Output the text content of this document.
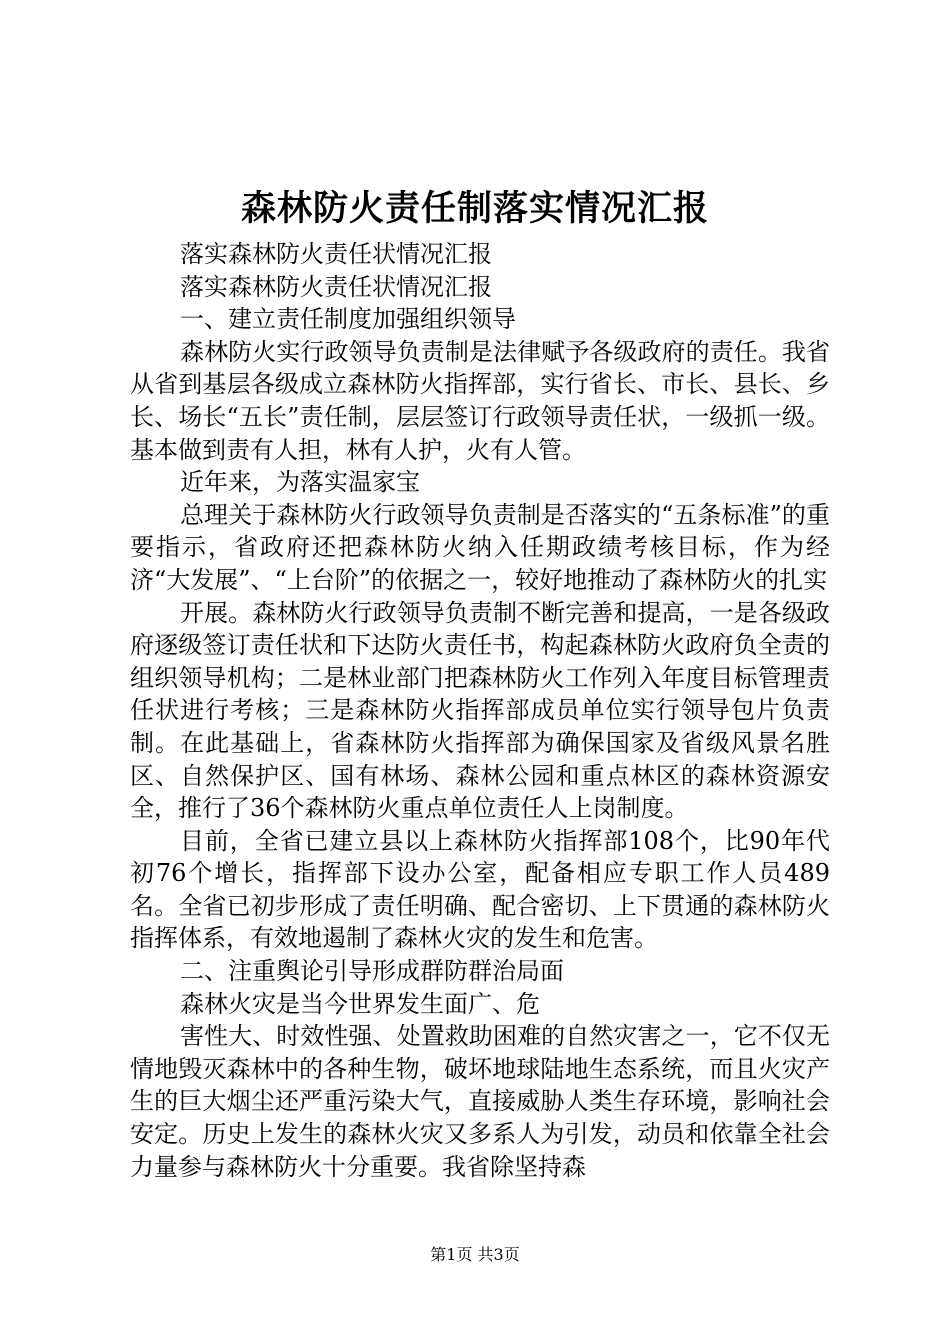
森林防火责任制落实情况汇报

落实森林防火责任状情况汇报

落实森林防火责任状情况汇报

一、建立责任制度加强组织领导

森林防火实行政领导负责制是法律赋予各级政府的责任。我省从省到基层各级成立森林防火指挥部，实行省长、市长、县长、乡长、场长“五长”责任制，层层签订行政领导责任状，一级抓一级。基本做到责有人担，林有人护，火有人管。

近年来，为落实温家宝

总理关于森林防火行政领导负责制是否落实的“五条标准”的重要指示，省政府还把森林防火纳入任期政绩考核目标，作为经济“大发展”、“上台阶”的依据之一，较好地推动了森林防火的扎实

开展。森林防火行政领导负责制不断完善和提高，一是各级政府逐级签订责任状和下达防火责任书，构起森林防火政府负全责的组织领导机构；二是林业部门把森林防火工作列入年度目标管理责任状进行考核；三是森林防火指挥部成员单位实行领导包片负责制。在此基础上，省森林防火指挥部为确保国家及省级风景名胜区、自然保护区、国有林场、森林公园和重点林区的森林资源安全，推行了36个森林防火重点单位责任人上岗制度。

目前，全省已建立县以上森林防火指挥部108个，比90年代初76个增长，指挥部下设办公室，配备相应专职工作人员489名。全省已初步形成了责任明确、配合密切、上下贯通的森林防火指挥体系，有效地遏制了森林火灾的发生和危害。

二、注重舆论引导形成群防群治局面

森林火灾是当今世界发生面广、危

害性大、时效性强、处置救助困难的自然灾害之一，它不仅无情地毁灭森林中的各种生物，破坏地球陆地生态系统，而且火灾产生的巨大烟尘还严重污染大气，直接威胁人类生存环境，影响社会安定。历史上发生的森林火灾又多系人为引发，动员和依靠全社会力量参与森林防火十分重要。我省除坚持森

第1页 共3页
